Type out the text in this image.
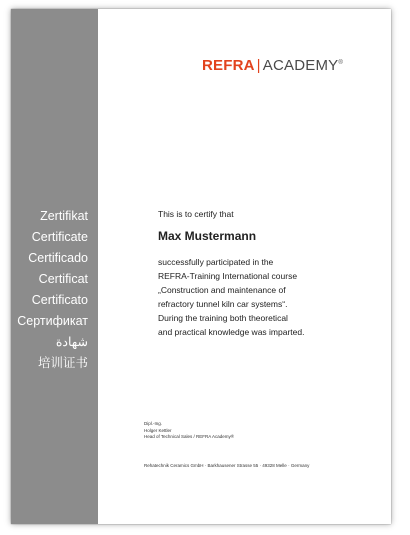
Zertifikat
Certificate
Certificado
Certificat
Certificato
Сертификат
شهادة
培训证书
REFRA | ACADEMY®
This is to certify that
Max Mustermann
successfully participated in the
REFRA-Training International course
„Construction and maintenance of
refractory tunnel kiln car systems“.
During the training both theoretical
and practical knowledge was imparted.
Dipl.-Ing.
Holger Kettler
Head of Technical Sales / REFRA Academy®
Rehatechnik Ceramics GmbH · Barkhausener Strasse 55 · 49328 Melle · Germany
